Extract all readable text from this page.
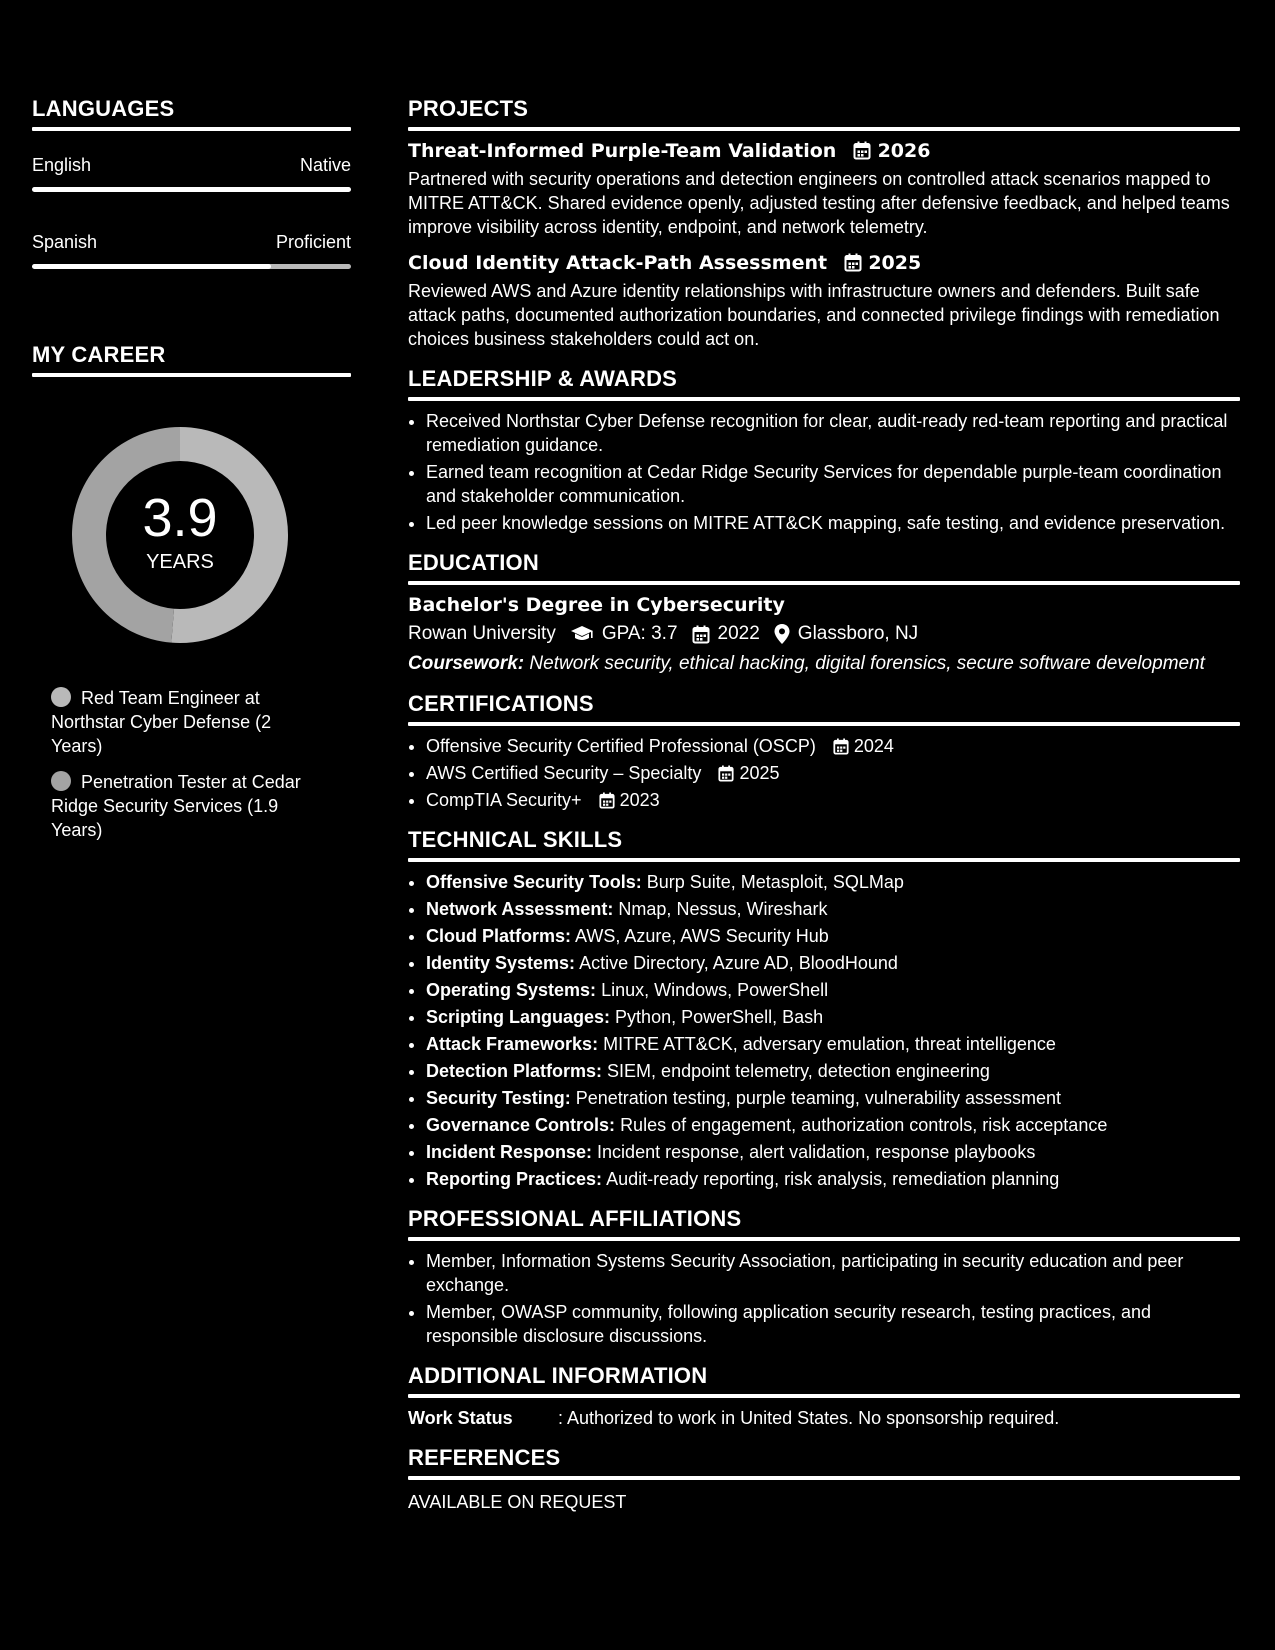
LANGUAGES
English	Native
Spanish	Proficient
MY CAREER
3.9
YEARS
Red Team Engineer at Northstar Cyber Defense (2 Years)
Penetration Tester at Cedar Ridge Security Services (1.9 Years)
PROJECTS
Threat-Informed Purple-Team Validation 2026
Partnered with security operations and detection engineers on controlled attack scenarios mapped to MITRE ATT&CK. Shared evidence openly, adjusted testing after defensive feedback, and helped teams improve visibility across identity, endpoint, and network telemetry.
Cloud Identity Attack-Path Assessment 2025
Reviewed AWS and Azure identity relationships with infrastructure owners and defenders. Built safe attack paths, documented authorization boundaries, and connected privilege findings with remediation choices business stakeholders could act on.
LEADERSHIP & AWARDS
• Received Northstar Cyber Defense recognition for clear, audit-ready red-team reporting and practical remediation guidance.
• Earned team recognition at Cedar Ridge Security Services for dependable purple-team coordination and stakeholder communication.
• Led peer knowledge sessions on MITRE ATT&CK mapping, safe testing, and evidence preservation.
EDUCATION
Bachelor's Degree in Cybersecurity
Rowan University GPA: 3.7 2022 Glassboro, NJ
Coursework: Network security, ethical hacking, digital forensics, secure software development
CERTIFICATIONS
• Offensive Security Certified Professional (OSCP) 2024
• AWS Certified Security – Specialty 2025
• CompTIA Security+ 2023
TECHNICAL SKILLS
• Offensive Security Tools: Burp Suite, Metasploit, SQLMap
• Network Assessment: Nmap, Nessus, Wireshark
• Cloud Platforms: AWS, Azure, AWS Security Hub
• Identity Systems: Active Directory, Azure AD, BloodHound
• Operating Systems: Linux, Windows, PowerShell
• Scripting Languages: Python, PowerShell, Bash
• Attack Frameworks: MITRE ATT&CK, adversary emulation, threat intelligence
• Detection Platforms: SIEM, endpoint telemetry, detection engineering
• Security Testing: Penetration testing, purple teaming, vulnerability assessment
• Governance Controls: Rules of engagement, authorization controls, risk acceptance
• Incident Response: Incident response, alert validation, response playbooks
• Reporting Practices: Audit-ready reporting, risk analysis, remediation planning
PROFESSIONAL AFFILIATIONS
• Member, Information Systems Security Association, participating in security education and peer exchange.
• Member, OWASP community, following application security research, testing practices, and responsible disclosure discussions.
ADDITIONAL INFORMATION
Work Status	: Authorized to work in United States. No sponsorship required.
REFERENCES
AVAILABLE ON REQUEST
